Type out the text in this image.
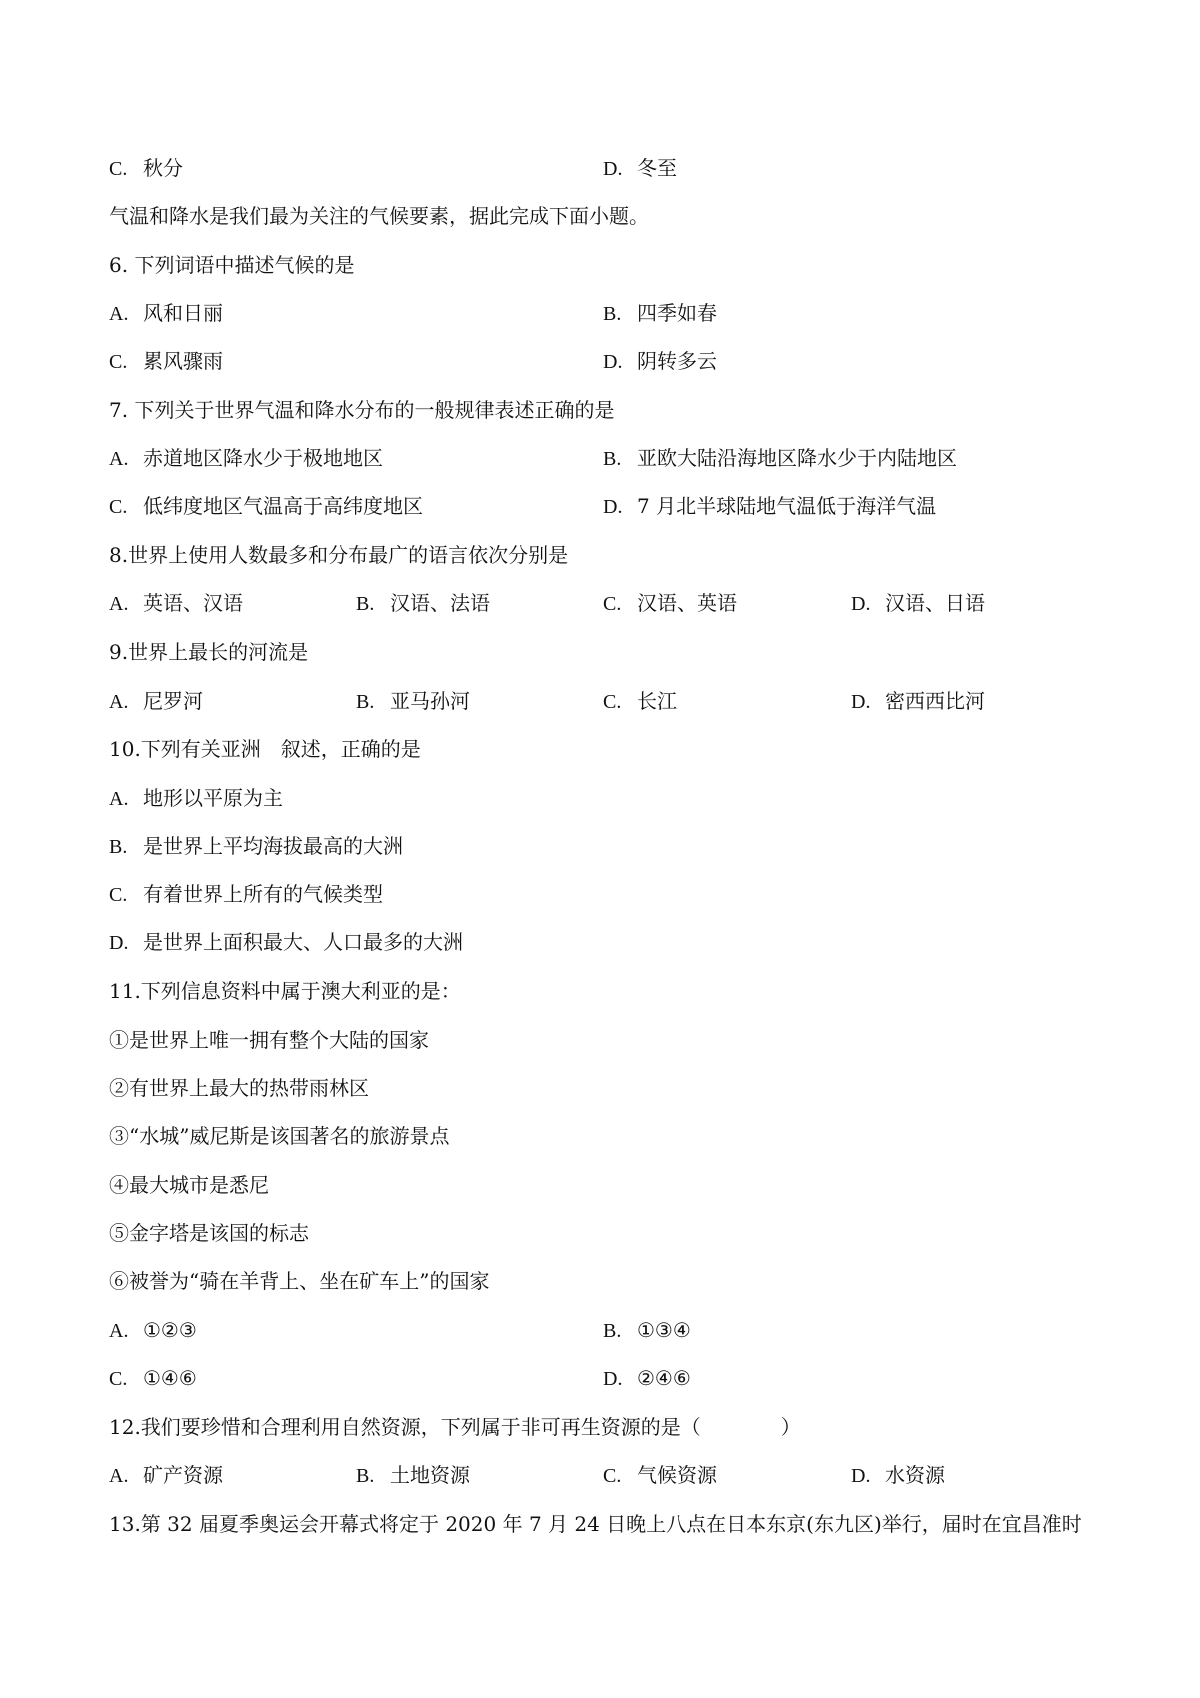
C. 秋分	D. 冬至
气温和降水是我们最为关注的气候要素，据此完成下面小题。
6. 下列词语中描述气候的是
A. 风和日丽	B. 四季如春
C. 累风骤雨	D. 阴转多云
7. 下列关于世界气温和降水分布的一般规律表述正确的是
A. 赤道地区降水少于极地地区	B. 亚欧大陆沿海地区降水少于内陆地区
C. 低纬度地区气温高于高纬度地区	D. 7 月北半球陆地气温低于海洋气温
8.世界上使用人数最多和分布最广的语言依次分别是
A. 英语、汉语	B. 汉语、法语	C. 汉语、英语	D. 汉语、日语
9.世界上最长的河流是
A. 尼罗河	B. 亚马孙河	C. 长江	D. 密西西比河
10.下列有关亚洲　叙述，正确的是
A. 地形以平原为主
B. 是世界上平均海拔最高的大洲
C. 有着世界上所有的气候类型
D. 是世界上面积最大、人口最多的大洲
11.下列信息资料中属于澳大利亚的是：
①是世界上唯一拥有整个大陆的国家
②有世界上最大的热带雨林区
③“水城”威尼斯是该国著名的旅游景点
④最大城市是悉尼
⑤金字塔是该国的标志
⑥被誉为“骑在羊背上、坐在矿车上”的国家
A. ①②③	B. ①③④
C. ①④⑥	D. ②④⑥
12.我们要珍惜和合理利用自然资源，下列属于非可再生资源的是（　　　　）
A. 矿产资源	B. 土地资源	C. 气候资源	D. 水资源
13.第 32 届夏季奥运会开幕式将定于 2020 年 7 月 24 日晚上八点在日本东京(东九区)举行，届时在宜昌准时
